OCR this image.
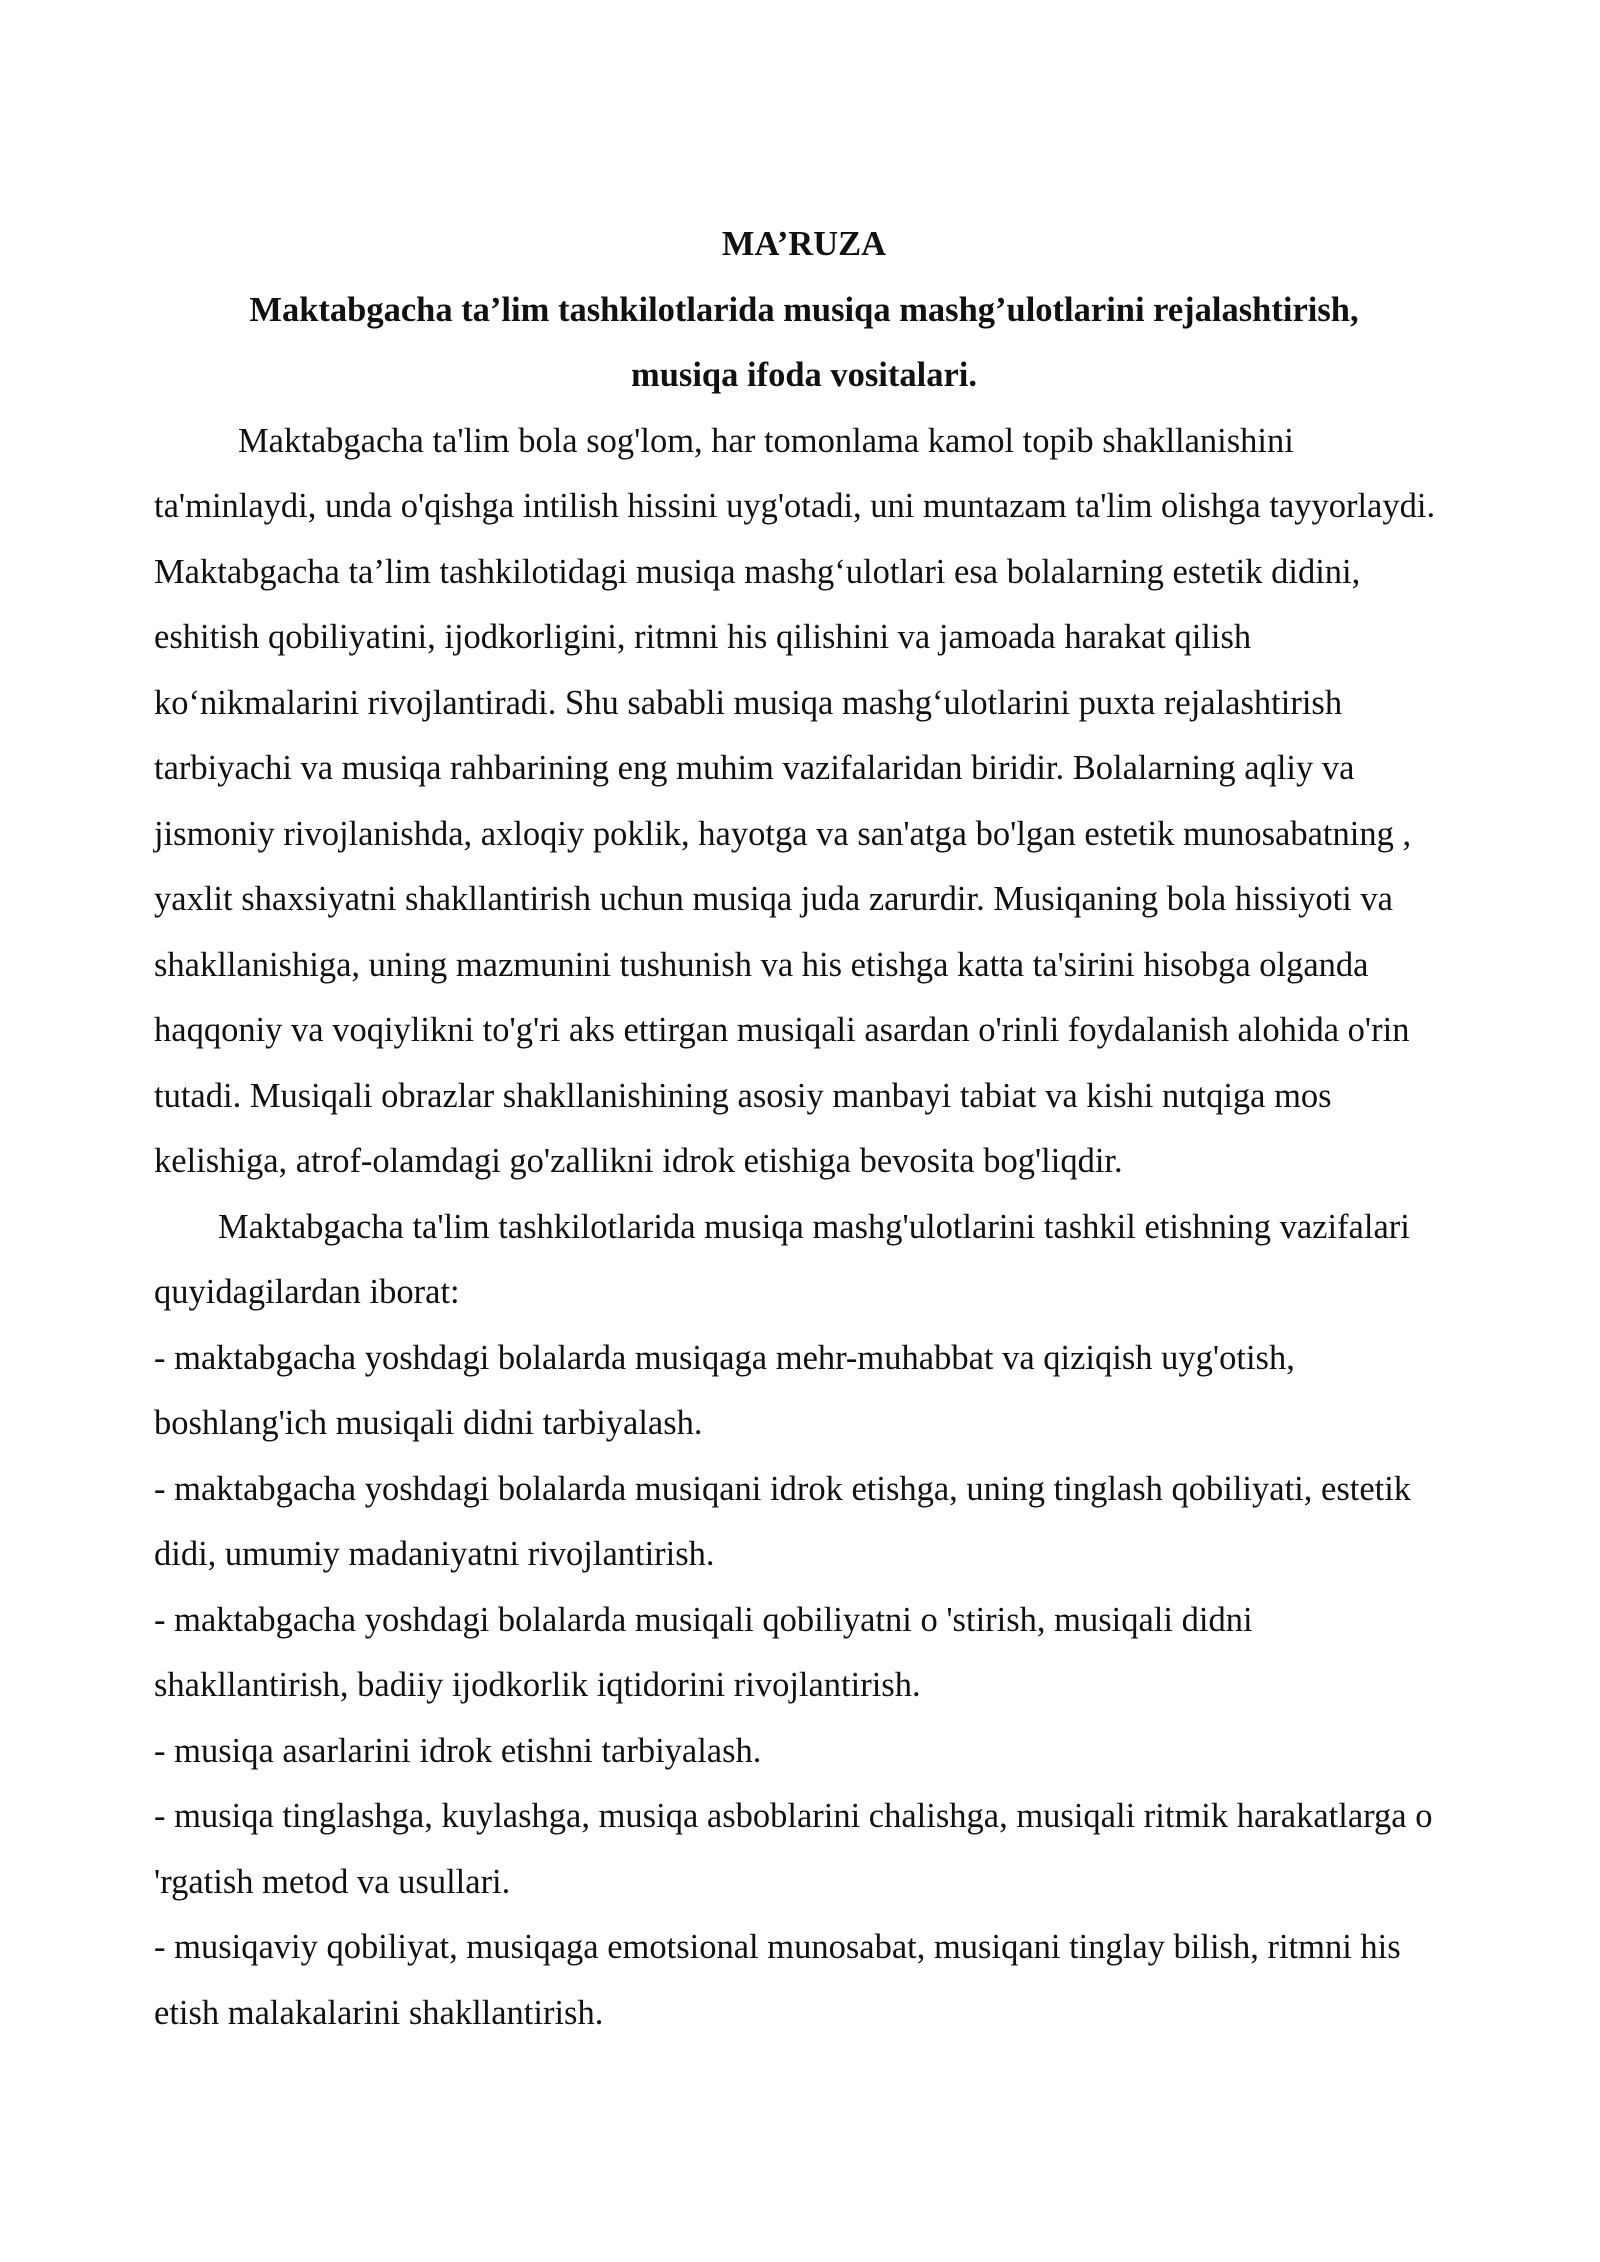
MA’RUZA

Maktabgacha ta’lim tashkilotlarida musiqa mashg’ulotlarini rejalashtirish, musiqa ifoda vositalari.

Maktabgacha ta'lim bola sog'lom, har tomonlama kamol topib shakllanishini ta'minlaydi, unda o'qishga intilish hissini uyg'otadi, uni muntazam ta'lim olishga tayyorlaydi. Maktabgacha ta’lim tashkilotidagi musiqa mashg‘ulotlari esa bolalarning estetik didini, eshitish qobiliyatini, ijodkorligini, ritmni his qilishini va jamoada harakat qilish ko‘nikmalarini rivojlantiradi. Shu sababli musiqa mashg‘ulotlarini puxta rejalashtirish tarbiyachi va musiqa rahbarining eng muhim vazifalaridan biridir. Bolalarning aqliy va jismoniy rivojlanishda, axloqiy poklik, hayotga va san'atga bo'lgan estetik munosabatning , yaxlit shaxsiyatni shakllantirish uchun musiqa juda zarurdir. Musiqaning bola hissiyoti va shakllanishiga, uning mazmunini tushunish va his etishga katta ta'sirini hisobga olganda haqqoniy va voqiylikni to'g'ri aks ettirgan musiqali asardan o'rinli foydalanish alohida o'rin tutadi. Musiqali obrazlar shakllanishining asosiy manbayi tabiat va kishi nutqiga mos kelishiga, atrof-olamdagi go'zallikni idrok etishiga bevosita bog'liqdir.

Maktabgacha ta'lim tashkilotlarida musiqa mashg'ulotlarini tashkil etishning vazifalari quyidagilardan iborat:

- maktabgacha yoshdagi bolalarda musiqaga mehr-muhabbat va qiziqish uyg'otish, boshlang'ich musiqali didni tarbiyalash.
- maktabgacha yoshdagi bolalarda musiqani idrok etishga, uning tinglash qobiliyati, estetik didi, umumiy madaniyatni rivojlantirish.
- maktabgacha yoshdagi bolalarda musiqali qobiliyatni o 'stirish, musiqali didni shakllantirish, badiiy ijodkorlik iqtidorini rivojlantirish.
- musiqa asarlarini idrok etishni tarbiyalash.
- musiqa tinglashga, kuylashga, musiqa asboblarini chalishga, musiqali ritmik harakatlarga o 'rgatish metod va usullari.
- musiqaviy qobiliyat, musiqaga emotsional munosabat, musiqani tinglay bilish, ritmni his etish malakalarini shakllantirish.
